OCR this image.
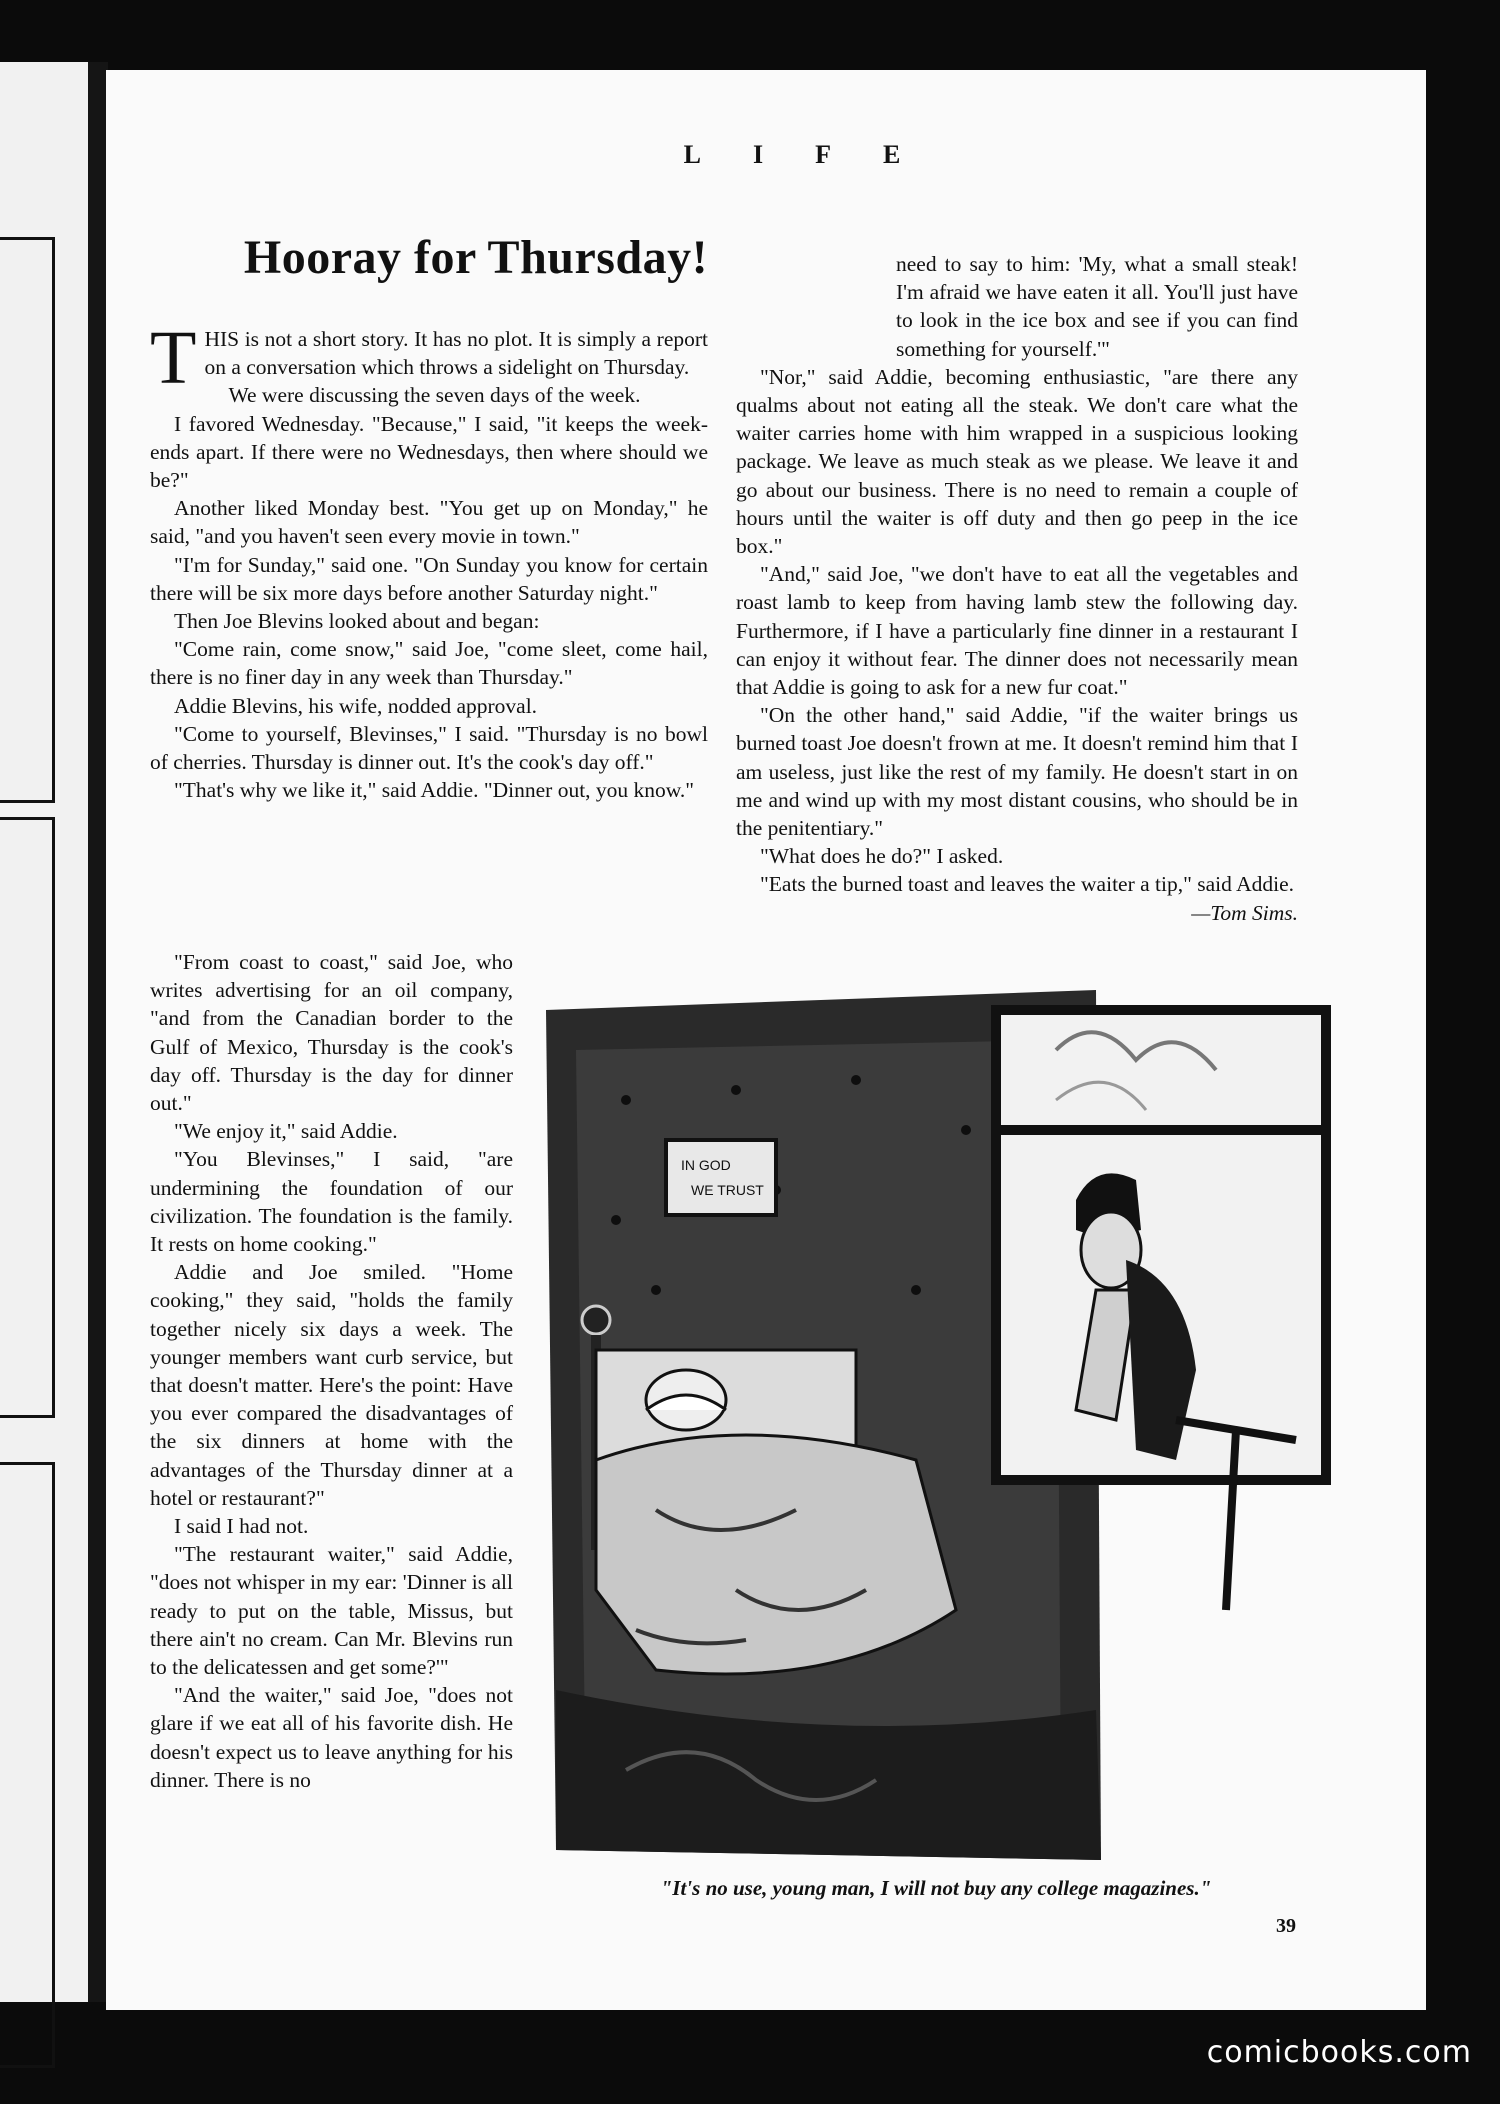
LIFE
Hooray for Thursday!

THIS is not a short story. It has no plot. It is simply a report on a conversation which throws a sidelight on Thursday.

We were discussing the seven days of the week.

I favored Wednesday. "Because," I said, "it keeps the week-ends apart. If there were no Wednesdays, then where should we be?"

Another liked Monday best. "You get up on Monday," he said, "and you haven't seen every movie in town."

"I'm for Sunday," said one. "On Sunday you know for certain there will be six more days before another Saturday night."

Then Joe Blevins looked about and began:

"Come rain, come snow," said Joe, "come sleet, come hail, there is no finer day in any week than Thursday."

Addie Blevins, his wife, nodded approval.

"Come to yourself, Blevinses," I said. "Thursday is no bowl of cherries. Thursday is dinner out. It's the cook's day off."

"That's why we like it," said Addie. "Dinner out, you know."

"From coast to coast," said Joe, who writes advertising for an oil company, "and from the Canadian border to the Gulf of Mexico, Thursday is the cook's day off. Thursday is the day for dinner out."

"We enjoy it," said Addie.

"You Blevinses," I said, "are undermining the foundation of our civilization. The foundation is the family. It rests on home cooking."

Addie and Joe smiled. "Home cooking," they said, "holds the family together nicely six days a week. The younger members want curb service, but that doesn't matter. Here's the point: Have you ever compared the disadvantages of the six dinners at home with the advantages of the Thursday dinner at a hotel or restaurant?"

I said I had not.

"The restaurant waiter," said Addie, "does not whisper in my ear: 'Dinner is all ready to put on the table, Missus, but there ain't no cream. Can Mr. Blevins run to the delicatessen and get some?'"

"And the waiter," said Joe, "does not glare if we eat all of his favorite dish. He doesn't expect us to leave anything for his dinner. There is no

need to say to him: 'My, what a small steak! I'm afraid we have eaten it all. You'll just have to look in the ice box and see if you can find something for yourself.'"

"Nor," said Addie, becoming enthusiastic, "are there any qualms about not eating all the steak. We don't care what the waiter carries home with him wrapped in a suspicious looking package. We leave as much steak as we please. We leave it and go about our business. There is no need to remain a couple of hours until the waiter is off duty and then go peep in the ice box."

"And," said Joe, "we don't have to eat all the vegetables and roast lamb to keep from having lamb stew the following day. Furthermore, if I have a particularly fine dinner in a restaurant I can enjoy it without fear. The dinner does not necessarily mean that Addie is going to ask for a new fur coat."

"On the other hand," said Addie, "if the waiter brings us burned toast Joe doesn't frown at me. It doesn't remind him that I am useless, just like the rest of my family. He doesn't start in on me and wind up with my most distant cousins, who should be in the penitentiary."

"What does he do?" I asked.

"Eats the burned toast and leaves the waiter a tip," said Addie.

—Tom Sims.

IN GOD
WE TRUST
"It's no use, young man, I will not buy any college magazines."
39
comicbooks.com
